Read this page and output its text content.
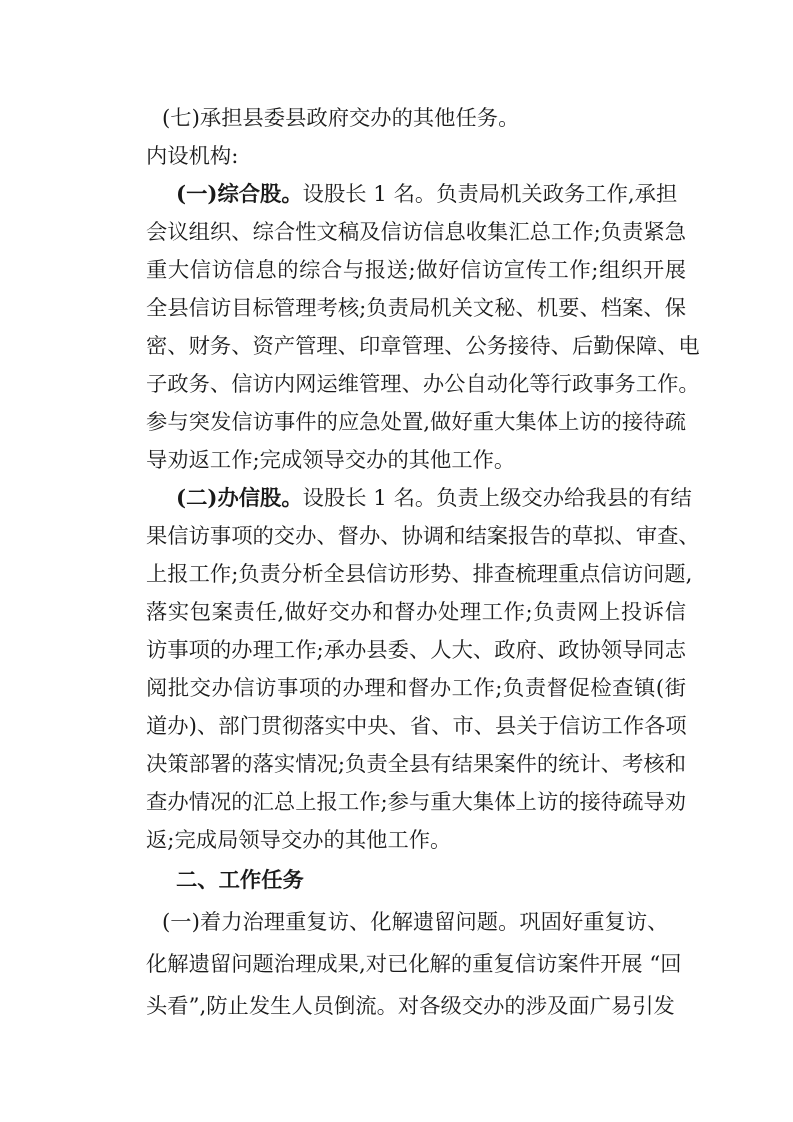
(七)承担县委县政府交办的其他任务。
内设机构:
(一)综合股。设股长 1 名。负责局机关政务工作,承担
会议组织、综合性文稿及信访信息收集汇总工作;负责紧急
重大信访信息的综合与报送;做好信访宣传工作;组织开展
全县信访目标管理考核;负责局机关文秘、机要、档案、保
密、财务、资产管理、印章管理、公务接待、后勤保障、电
子政务、信访内网运维管理、办公自动化等行政事务工作。
参与突发信访事件的应急处置,做好重大集体上访的接待疏
导劝返工作;完成领导交办的其他工作。
(二)办信股。设股长 1 名。负责上级交办给我县的有结
果信访事项的交办、督办、协调和结案报告的草拟、审查、
上报工作;负责分析全县信访形势、排查梳理重点信访问题,
落实包案责任,做好交办和督办处理工作;负责网上投诉信
访事项的办理工作;承办县委、人大、政府、政协领导同志
阅批交办信访事项的办理和督办工作;负责督促检查镇(街
道办)、部门贯彻落实中央、省、市、县关于信访工作各项
决策部署的落实情况;负责全县有结果案件的统计、考核和
查办情况的汇总上报工作;参与重大集体上访的接待疏导劝
返;完成局领导交办的其他工作。
二、工作任务
(一)着力治理重复访、化解遗留问题。巩固好重复访、
化解遗留问题治理成果,对已化解的重复信访案件开展 “回
头看”,防止发生人员倒流。对各级交办的涉及面广易引发
